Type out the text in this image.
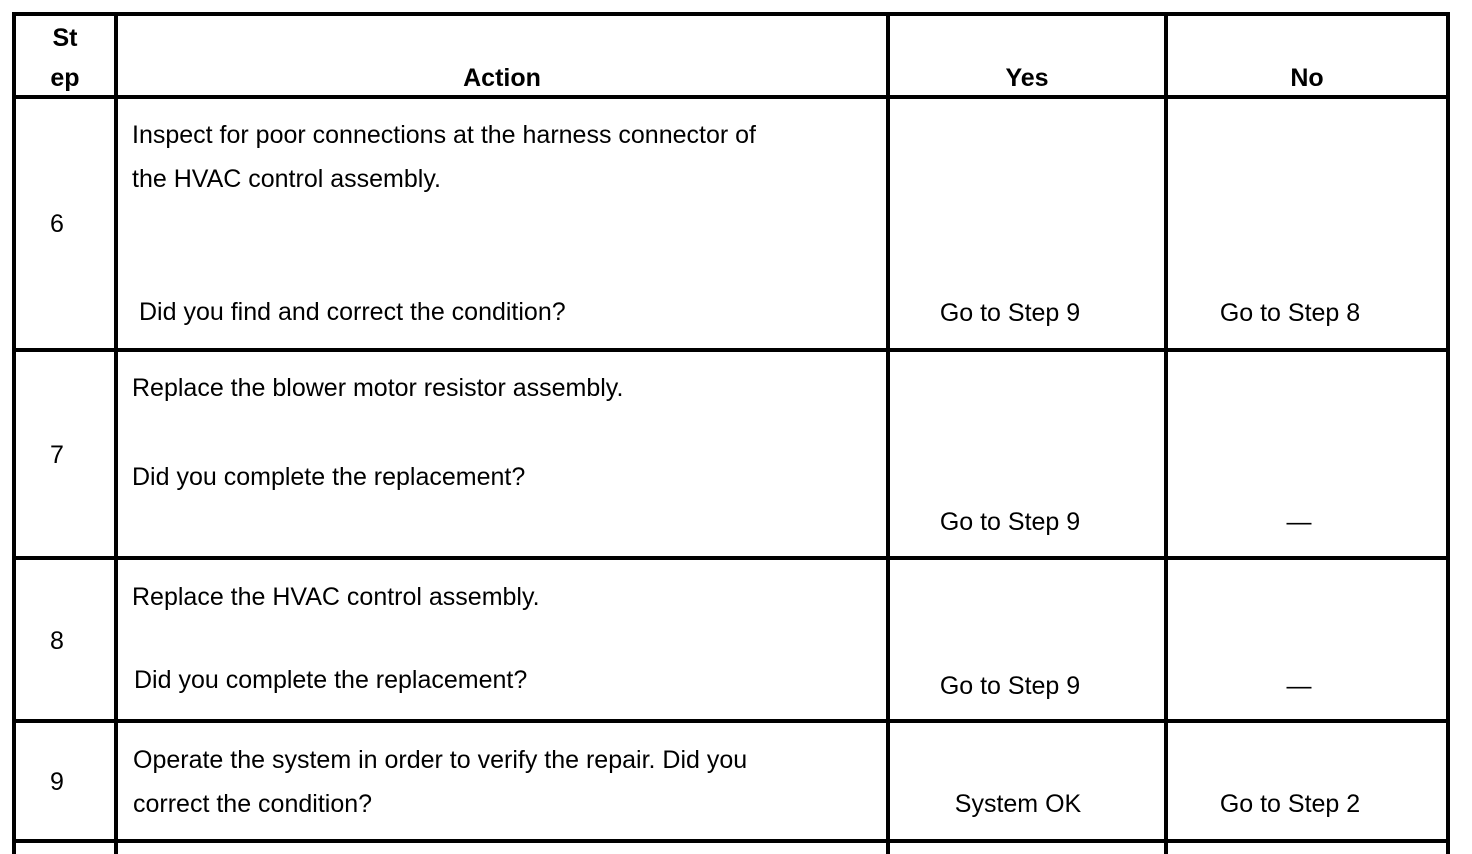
St
ep	Action	Yes	No
6
Inspect for poor connections at the harness connector of
the HVAC control assembly.
Did you find and correct the condition?	Go to Step 9	Go to Step 8
7
Replace the blower motor resistor assembly.
Did you complete the replacement?
Go to Step 9	—
8
Replace the HVAC control assembly.
Did you complete the replacement?	Go to Step 9	—
9
Operate the system in order to verify the repair. Did you
correct the condition?	System OK	Go to Step 2
